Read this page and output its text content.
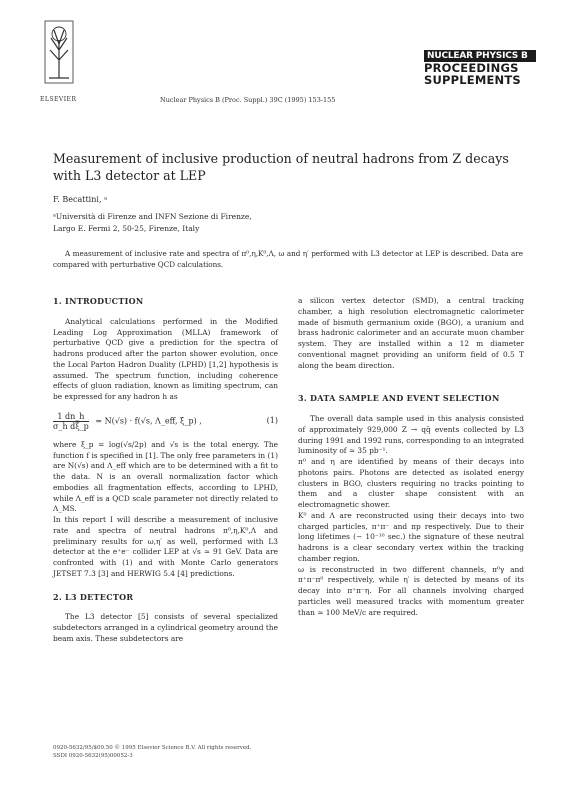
ELSEVIER	Nuclear Physics B (Proc. Suppl.) 39C (1995) 153-155
NUCLEAR PHYSICS B
PROCEEDINGS
SUPPLEMENTS
Measurement of inclusive production of neutral hadrons from Z decays with L3 detector at LEP
F. Becattini, ᵃ
ᵃUniversità di Firenze and INFN Sezione di Firenze,
Largo E. Fermi 2, 50-25, Firenze, Italy
A measurement of inclusive rate and spectra of π⁰,η,K⁰,Λ, ω and η′ performed with L3 detector at LEP is described. Data are compared with perturbative QCD calculations.

1. INTRODUCTION

Analytical calculations performed in the Modified Leading Log Approximation (MLLA) framework of perturbative QCD give a prediction for the spectra of hadrons produced after the parton shower evolution, once the Local Parton Hadron Duality (LPHD) [1,2] hypothesis is assumed. The spectrum function, including coherence effects of gluon radiation, known as limiting spectrum, can be expressed for any hadron h as

$\frac{1 dn\_h}{\text{σ\_h dξ\_p}} = N(√s) \cdot f(√s$, Λ_eff, ξ_p) ,	(1)

where ξ_p = log(√s/2p) and √s is the total energy. The function f is specified in [1]. The only free parameters in (1) are N(√s) and Λ_eff which are to be determined with a fit to the data. N is an overall normalization factor which embodies all fragmentation effects, according to LPHD, while Λ_eff is a QCD scale parameter not directly related to Λ_MS.

In this report I will describe a measurement of inclusive rate and spectra of neutral hadrons π⁰,η,K⁰,Λ and preliminary results for ω,η′ as well, performed with L3 detector at the e⁺e⁻ collider LEP at √s ≃ 91 GeV. Data are confronted with (1) and with Monte Carlo generators JETSET 7.3 [3] and HERWIG 5.4 [4] predictions.

2. L3 DETECTOR

The L3 detector [5] consists of several specialized subdetectors arranged in a cylindrical geometry around the beam axis. These subdetectors are

a silicon vertex detector (SMD), a central tracking chamber, a high resolution electromagnetic calorimeter made of bismuth germanium oxide (BGO), a uranium and brass hadronic calorimeter and an accurate muon chamber system. They are installed within a 12 m diameter conventional magnet providing an uniform field of 0.5 T along the beam direction.

3. DATA SAMPLE AND EVENT SELECTION

The overall data sample used in this analysis consisted of approximately 929,000 Z → qq̄ events collected by L3 during 1991 and 1992 runs, corresponding to an integrated luminosity of ≃ 35 pb⁻¹.

π⁰ and η are identified by means of their decays into photons pairs. Photons are detected as isolated energy clusters in BGO, clusters requiring no tracks pointing to them and a cluster shape consistent with an electromagnetic shower.

K⁰ and Λ are reconstructed using their decays into two charged particles, π⁺π⁻ and πp respectively. Due to their long lifetimes (∼ 10⁻¹⁰ sec.) the signature of these neutral hadrons is a clear secondary vertex within the tracking chamber region.

ω is reconstructed in two different channels, π⁰γ and π⁺π⁻π⁰ respectively, while η′ is detected by means of its decay into π⁺π⁻η. For all channels involving charged particles well measured tracks with momentum greater than ≃ 100 MeV/c are required.

0920-5632/95/$09.50 © 1995 Elsevier Science B.V. All rights reserved.
SSDI 0920-5632(95)00052-3
